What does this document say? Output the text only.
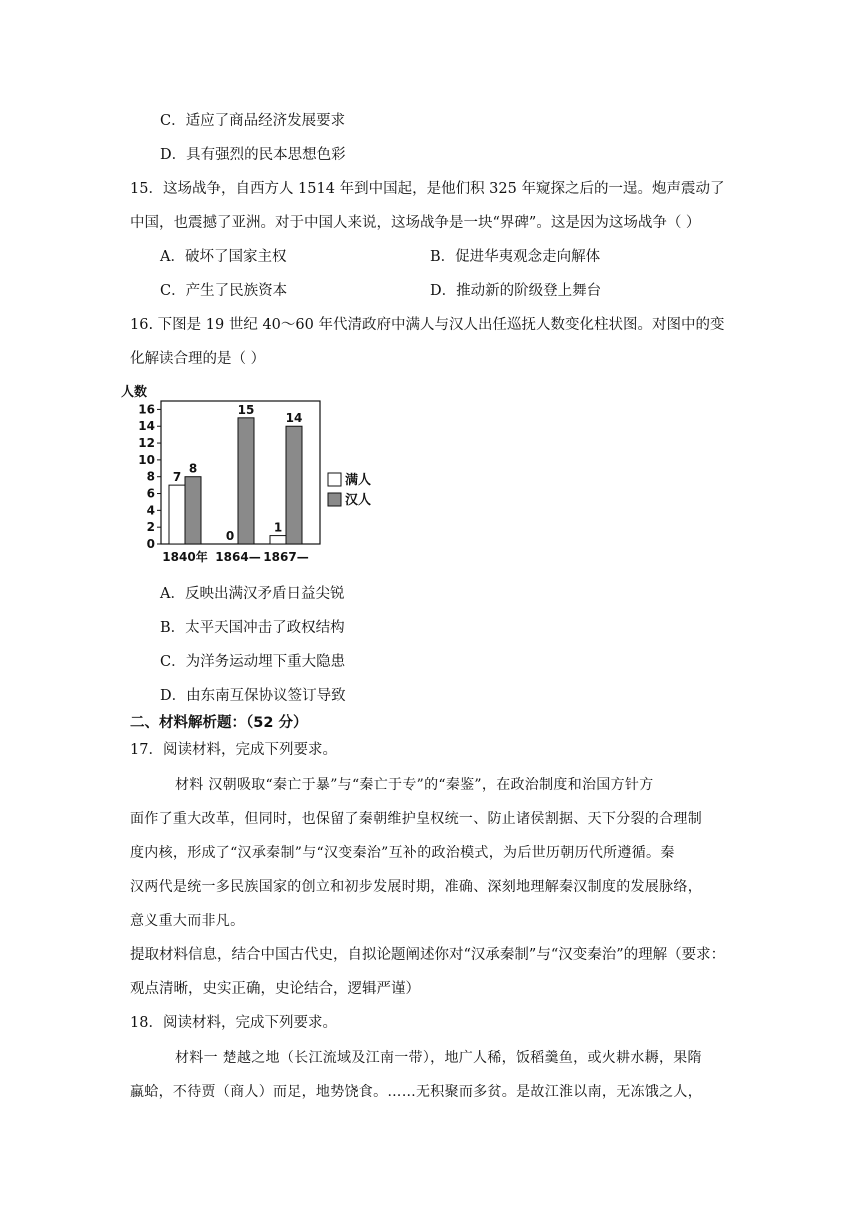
C．适应了商品经济发展要求
D．具有强烈的民本思想色彩
15．这场战争，自西方人 1514 年到中国起，是他们积 325 年窥探之后的一逞。炮声震动了
中国，也震撼了亚洲。对于中国人来说，这场战争是一块“界碑”。这是因为这场战争（ ）
A．破坏了国家主权	B．促进华夷观念走向解体
C．产生了民族资本	D．推动新的阶级登上舞台
16. 下图是 19 世纪 40～60 年代清政府中满人与汉人出任巡抚人数变化柱状图。对图中的变
化解读合理的是（ ）
人数
0
2
4
6
8
10
12
14
16
7
8
0
15
1
14
1840年 1864— 1867—
满人
汉人
A．反映出满汉矛盾日益尖锐
B．太平天国冲击了政权结构
C．为洋务运动埋下重大隐患
D．由东南互保协议签订导致
二、材料解析题：（52 分）
17．阅读材料，完成下列要求。
材料 汉朝吸取“秦亡于暴”与“秦亡于专”的“秦鉴”，在政治制度和治国方针方
面作了重大改革，但同时，也保留了秦朝维护皇权统一、防止诸侯割据、天下分裂的合理制
度内核，形成了“汉承秦制”与“汉变秦治”互补的政治模式，为后世历朝历代所遵循。秦
汉两代是统一多民族国家的创立和初步发展时期，准确、深刻地理解秦汉制度的发展脉络，
意义重大而非凡。
提取材料信息，结合中国古代史，自拟论题阐述你对“汉承秦制”与“汉变秦治”的理解（要求：
观点清晰，史实正确，史论结合，逻辑严谨）
18．阅读材料，完成下列要求。
材料一 楚越之地（长江流域及江南一带），地广人稀，饭稻羹鱼，或火耕水耨，果隋
蠃蛤，不待贾（商人）而足，地势饶食。……无积聚而多贫。是故江淮以南，无冻饿之人，
